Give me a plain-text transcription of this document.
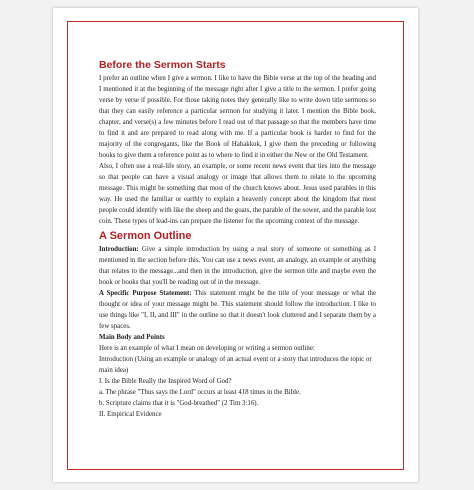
Before the Sermon Starts

I prefer an outline when I give a sermon. I like to have the Bible verse at the top of the heading and I mentioned it at the beginning of the message right after I give a title to the sermon. I prefer going verse by verse if possible. For those taking notes they generally like to write down title sermons so that they can easily reference a particular sermon for studying it later. I mention the Bible book, chapter, and verse(s) a few minutes before I read out of that passage so that the members have time to find it and are prepared to read along with me. If a particular book is harder to find for the majority of the congregants, like the Book of Habakkuk, I give them the preceding or following books to give them a reference point as to where to find it in either the New or the Old Testament.

Also, I often use a real-life story, an example, or some recent news event that ties into the message so that people can have a visual analogy or image that allows them to relate to the upcoming message. This might be something that most of the church knows about. Jesus used parables in this way. He used the familiar or earthly to explain a heavenly concept about the kingdom that most people could identify with like the sheep and the goats, the parable of the sower, and the parable lost coin. These types of lead-ins can prepare the listener for the upcoming context of the message.

A Sermon Outline

Introduction: Give a simple introduction by using a real story of someone or something as I mentioned in the section before this. You can use a news event, an analogy, an example or anything that relates to the message...and then in the introduction, give the sermon title and maybe even the book or books that you'll be reading out of in the message.

A Specific Purpose Statement: This statement might be the title of your message or what the thought or idea of your message might be. This statement should follow the introduction. I like to use things like "I, II, and III" in the outline so that it doesn't look cluttered and I separate them by a few spaces.

Main Body and Points

Here is an example of what I mean on developing or writing a sermon outline:
Introduction (Using an example or analogy of an actual event or a story that introduces the topic or main idea)
I. Is the Bible Really the Inspired Word of God?
a. The phrase "Thus says the Lord" occurs at least 418 times in the Bible.
b. Scripture claims that it is "God-breathed" (2 Tim 3:16).
II. Empirical Evidence
